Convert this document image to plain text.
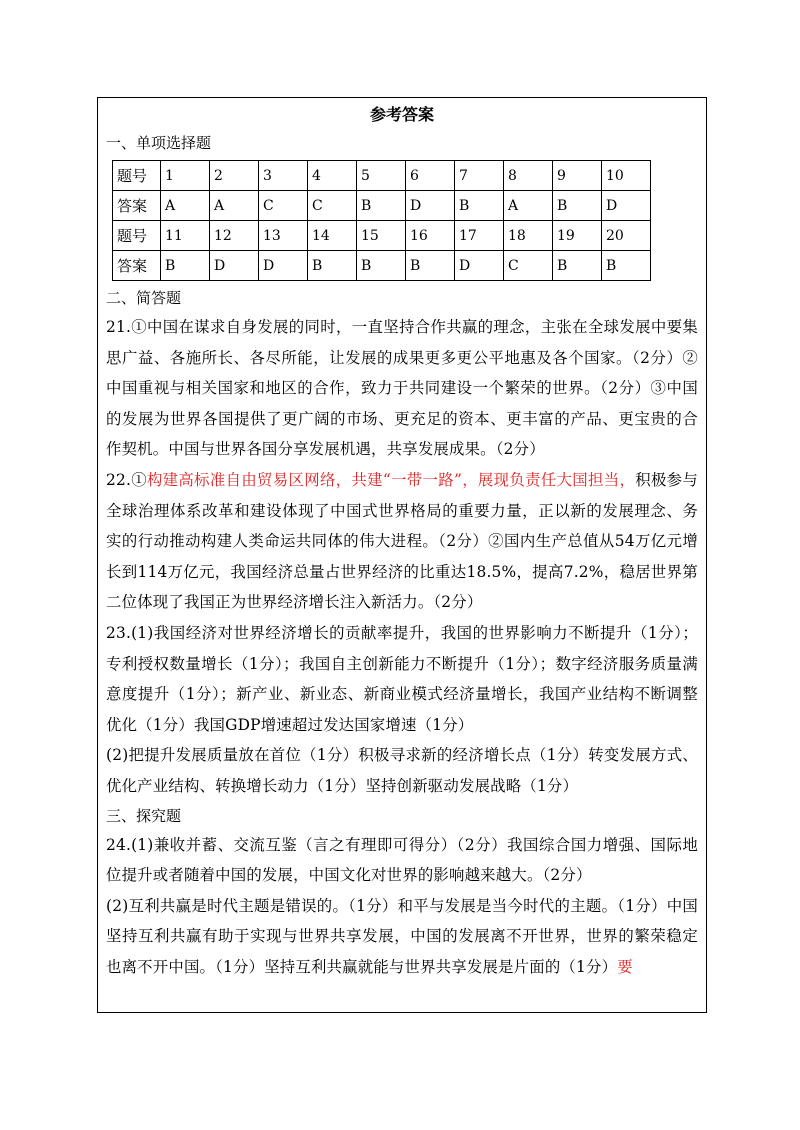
参考答案
一、单项选择题
题号	1	2	3	4	5	6	7	8	9	10
答案	A	A	C	C	B	D	B	A	B	D
题号	11	12	13	14	15	16	17	18	19	20
答案	B	D	D	B	B	B	D	C	B	B
二、简答题

21.①中国在谋求自身发展的同时，一直坚持合作共赢的理念，主张在全球发展中要集思广益、各施所长、各尽所能，让发展的成果更多更公平地惠及各个国家。（2分）②中国重视与相关国家和地区的合作，致力于共同建设一个繁荣的世界。（2分）③中国的发展为世界各国提供了更广阔的市场、更充足的资本、更丰富的产品、更宝贵的合作契机。中国与世界各国分享发展机遇，共享发展成果。（2分）

22.①构建高标准自由贸易区网络，共建“一带一路”，展现负责任大国担当，积极参与全球治理体系改革和建设体现了中国式世界格局的重要力量，正以新的发展理念、务实的行动推动构建人类命运共同体的伟大进程。（2分）②国内生产总值从54万亿元增长到114万亿元，我国经济总量占世界经济的比重达18.5%，提高7.2%，稳居世界第二位体现了我国正为世界经济增长注入新活力。（2分）

23.(1)我国经济对世界经济增长的贡献率提升，我国的世界影响力不断提升（1分）；专利授权数量增长（1分）；我国自主创新能力不断提升（1分）；数字经济服务质量满意度提升（1分）；新产业、新业态、新商业模式经济量增长，我国产业结构不断调整优化（1分）我国GDP增速超过发达国家增速（1分）

(2)把提升发展质量放在首位（1分）积极寻求新的经济增长点（1分）转变发展方式、优化产业结构、转换增长动力（1分）坚持创新驱动发展战略（1分）

三、探究题

24.(1)兼收并蓄、交流互鉴（言之有理即可得分）（2分）我国综合国力增强、国际地位提升或者随着中国的发展，中国文化对世界的影响越来越大。（2分）

(2)互利共赢是时代主题是错误的。（1分）和平与发展是当今时代的主题。（1分）中国坚持互利共赢有助于实现与世界共享发展，中国的发展离不开世界，世界的繁荣稳定也离不开中国。（1分）坚持互利共赢就能与世界共享发展是片面的（1分）要
